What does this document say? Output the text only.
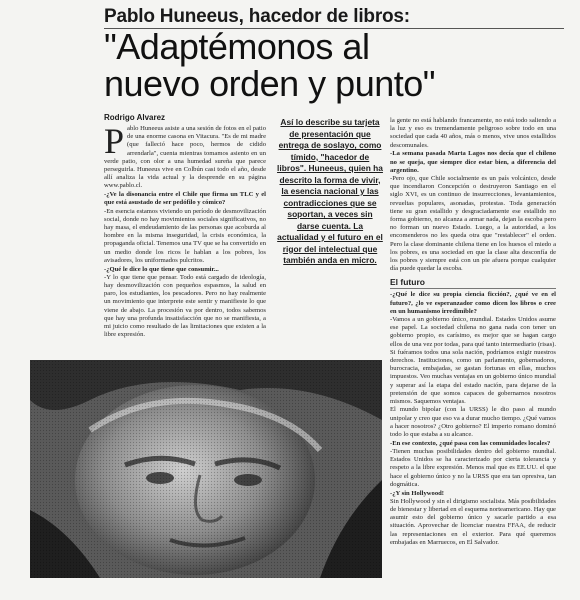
Pablo Huneeus, hacedor de libros:
"Adaptémonos al
nuevo orden y punto"
Rodrigo Alvarez

Pablo Huneeus asiste a una sesión de fotos en el patio de una enorme casona en Vitacura. "Es de mi madre (que falleció hace poco, hermos de cidido arrendarla", cuenta mientras tomamos asiento en un verde patio, con olor a una humedad sureña que parece perseguirla. Huneeus vive en Colbún casi todo el año, desde allí analiza la vida actual y la desprende en su página www.pablo.cl.

-¿Ve la disonancia entre el Chile que firma un TLC y el que está asustado de ser pedófilo y cómico?

-En esencia estamos viviendo un período de desmovilización social, donde no hay movimientos sociales significativos, no hay masa, el endeudamiento de las personas que acoburda al hombre en la misma inseguridad, la crisis económica, la propaganda oficial. Tenemos una TV que se ha convertido en un medio donde los ricos le hablan a los pobres, los avisadores, los uniformados pulcritos.

-¿Qué le dice lo que tiene que consumir...

-Y lo que tiene que pensar. Todo está cargado de ideología, hay desmovilización con pequeños espasmos, la salud en paro, los estudiantes, los pescadores. Pero no hay realmente un movimiento que interprete este sentir y manifieste lo que viene de abajo. La procesión va por dentro, todos sabemos que hay una profunda insatisfacción que no se manifiesta, a mi juicio como resultado de las limitaciones que existen a la libre expresión.

Así lo describe su tarjeta de presentación que entrega de soslayo, como tímido, "hacedor de libros". Huneeus, quien ha descrito la forma de vivir, la esencia nacional y las contradicciones que se soportan, a veces sin darse cuenta. La actualidad y el futuro en el rigor del intelectual que también anda en micro.

la gente no está hablando francamente, no está todo saliendo a la luz y eso es tremendamente peligroso sobre todo en una sociedad que cada 40 años, más o menos, vive unos estallidos descomunales.

-La semana pasada Marta Lagos nos decía que el chileno no se queja, que siempre dice estar bien, a diferencia del argentino.

-Pero ojo, que Chile socialmente es un país volcánico, desde que incendiaron Concepción o destruyeron Santiago en el siglo XVI, es un continuo de insurrecciones, levantamientos, revueltas populares, asonadas, protestas. Toda generación tiene su gran estallido y desgraciadamente ese estallido no forma gobierno, no alcanza a armar nada, dejan la escoba pero no forman un nuevo Estado. Luego, a la autoridad, a los encomenderos no les queda otra que "restablecer" el orden. Pero la clase dominante chilena tiene en los huesos el miedo a los pobres, es una sociedad en que la clase alta desconfía de los pobres y siempre está con un pie afuera porque cualquier día puede quedar la escoba.

El futuro

-¿Qué le dice su propia ciencia ficción?, ¿qué ve en el futuro?, ¿lo ve esperanzador como dicen los libros o cree en un humanismo irredimible?

-Vamos a un gobierno único, mundial. Estados Unidos asume ese papel. La sociedad chilena no gana nada con tener un gobierno propio, es carísimo, es mejor que se hagan cargo ellos de una vez por todas, para qué tanto intermediario (risas). Si fuéramos todos una sola nación, podríamos exigir nuestros derechos. Instituciones, como un parlamento, gobernadores, burocracia, embajadas, se gastan fortunas en ellas, muchos impuestos. Veo muchas ventajas en un gobierno único mundial y superar así la etapa del estado nación, para dejarse de la pretensión de que somos capaces de gobernarnos nosotros mismos. Saquemos ventajas.

El mundo bipolar (con la URSS) le dio paso al mundo unipolar y creo que eso va a durar mucho tiempo. ¿Qué vamos a hacer nosotros? ¿Otro gobierno? El imperio romano dominó todo lo que estaba a su alcance.

-En ese contexto, ¿qué pasa con las comunidades locales?

-Tienen muchas posibilidades dentro del gobierno mundial. Estados Unidos se ha caracterizado por cierta tolerancia y respeto a la libre expresión. Menos mal que es EE.UU. el que hace el gobierno único y no la URSS que era tan opresiva, tan dogmática.

-¿Y sin Hollywood!

Sin Hollywood y sin el dirigismo socialista. Más posibilidades de bienestar y libertad en el esquema norteamericano. Hay que asumir esto del gobierno único y sacarle partido a esa situación. Aprovechar de licenciar nuestra FFAA, de reducir las representaciones en el exterior. Para qué queremos embajadas en Marruecos, en El Salvador.
